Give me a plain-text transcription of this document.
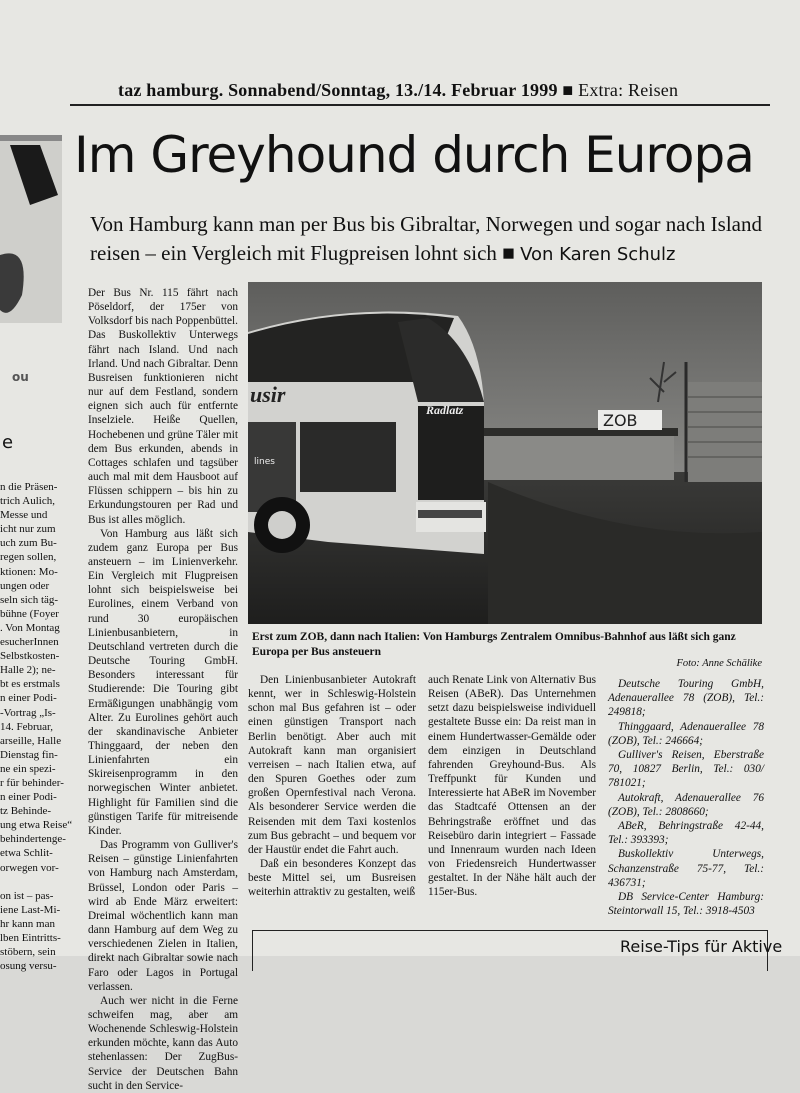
ou
e
taz hamburg. Sonnabend/Sonntag, 13./14. Februar 1999 ■ Extra: Reisen
Im Greyhound durch Europa
Von Hamburg kann man per Bus bis Gibraltar, Norwegen und sogar nach Island reisen – ein Vergleich mit Flugpreisen lohnt sich ■ Von Karen Schulz
n die Präsen-
trich Aulich,
Messe und
icht nur zum
uch zum Bu-
regen sollen,
ktionen: Mo-
ungen oder
seln sich täg-
bühne (Foyer
. Von Montag
esucherInnen
Selbstkosten-
Halle 2); ne-
bt es erstmals
n einer Podi-
-Vortrag „Is-
14. Februar,
arseille, Halle
Dienstag fin-
ne ein spezi-
r für behinder-
n einer Podi-
tz Behinde-
ung etwa Reise“
behindertenge-
etwa Schlit-
orwegen vor-

on ist – pas-
iene Last-Mi-
hr kann man
lben Eintritts-
stöbern, sein
osung versu-

Der Bus Nr. 115 fährt nach Pöseldorf, der 175er von Volksdorf bis nach Poppenbüttel. Das Buskollektiv Unterwegs fährt nach Island. Und nach Irland. Und nach Gibraltar. Denn Busreisen funktionieren nicht nur auf dem Festland, sondern eignen sich auch für entfernte Inselziele. Heiße Quellen, Hochebenen und grüne Täler mit dem Bus erkunden, abends in Cottages schlafen und tagsüber auch mal mit dem Hausboot auf Flüssen schippern – bis hin zu Erkundungstouren per Rad und Bus ist alles möglich.

Von Hamburg aus läßt sich zudem ganz Europa per Bus ansteuern – im Linienverkehr. Ein Vergleich mit Flugpreisen lohnt sich beispielsweise bei Eurolines, einem Verband von rund 30 europäischen Linienbusanbietern, in Deutschland vertreten durch die Deutsche Touring GmbH. Besonders interessant für Studierende: Die Touring gibt Ermäßigungen unabhängig vom Alter. Zu Eurolines gehört auch der skandinavische Anbieter Thinggaard, der neben den Linienfahrten ein Skireisenprogramm in den norwegischen Winter anbietet. Highlight für Familien sind die günstigen Tarife für mitreisende Kinder.

Das Programm von Gulliver's Reisen – günstige Linienfahrten von Hamburg nach Amsterdam, Brüssel, London oder Paris – wird ab Ende März erweitert: Dreimal wöchentlich kann man dann Hamburg auf dem Weg zu verschiedenen Zielen in Italien, direkt nach Gibraltar sowie nach Faro oder Lagos in Portugal verlassen.

Auch wer nicht in die Ferne schweifen mag, aber am Wochenende Schleswig-Holstein erkunden möchte, kann das Auto stehenlassen: Der ZugBus-Service der Deutschen Bahn sucht in den Service-

ZOB
usir
Radlatz
lines
Erst zum ZOB, dann nach Italien: Von Hamburgs Zentralem Omnibus-Bahnhof aus läßt sich ganz Europa per Bus ansteuern
Foto: Anne Schälike

Den Linienbusanbieter Autokraft kennt, wer in Schleswig-Holstein schon mal Bus gefahren ist – oder einen günstigen Transport nach Berlin benötigt. Aber auch mit Autokraft kann man organisiert verreisen – nach Italien etwa, auf den Spuren Goethes oder zum großen Opernfestival nach Verona. Als besonderer Service werden die Reisenden mit dem Taxi kostenlos zum Bus gebracht – und bequem vor der Haustür endet die Fahrt auch.

Daß ein besonderes Konzept das beste Mittel sei, um Busreisen weiterhin attraktiv zu gestalten, weiß

auch Renate Link von Alternativ Bus Reisen (ABeR). Das Unternehmen setzt dazu beispielsweise individuell gestaltete Busse ein: Da reist man in einem Hundertwasser-Gemälde oder dem einzigen in Deutschland fahrenden Greyhound-Bus. Als Treffpunkt für Kunden und Interessierte hat ABeR im November das Stadtcafé Ottensen an der Behringstraße eröffnet und das Reisebüro darin integriert – Fassade und Innenraum wurden nach Ideen von Friedensreich Hundertwasser gestaltet. In der Nähe hält auch der 115er-Bus.

Deutsche Touring GmbH, Adenauerallee 78 (ZOB), Tel.: 249818;
Thinggaard, Adenauerallee 78 (ZOB), Tel.: 246664;
Gulliver's Reisen, Eberstraße 70, 10827 Berlin, Tel.: 030/ 781021;
Autokraft, Adenauerallee 76 (ZOB), Tel.: 2808660;
ABeR, Behringstraße 42-44, Tel.: 393393;
Buskollektiv Unterwegs, Schanzenstraße 75-77, Tel.: 436731;
DB Service-Center Hamburg: Steintorwall 15, Tel.: 3918-4503
Reise-Tips für Aktive
